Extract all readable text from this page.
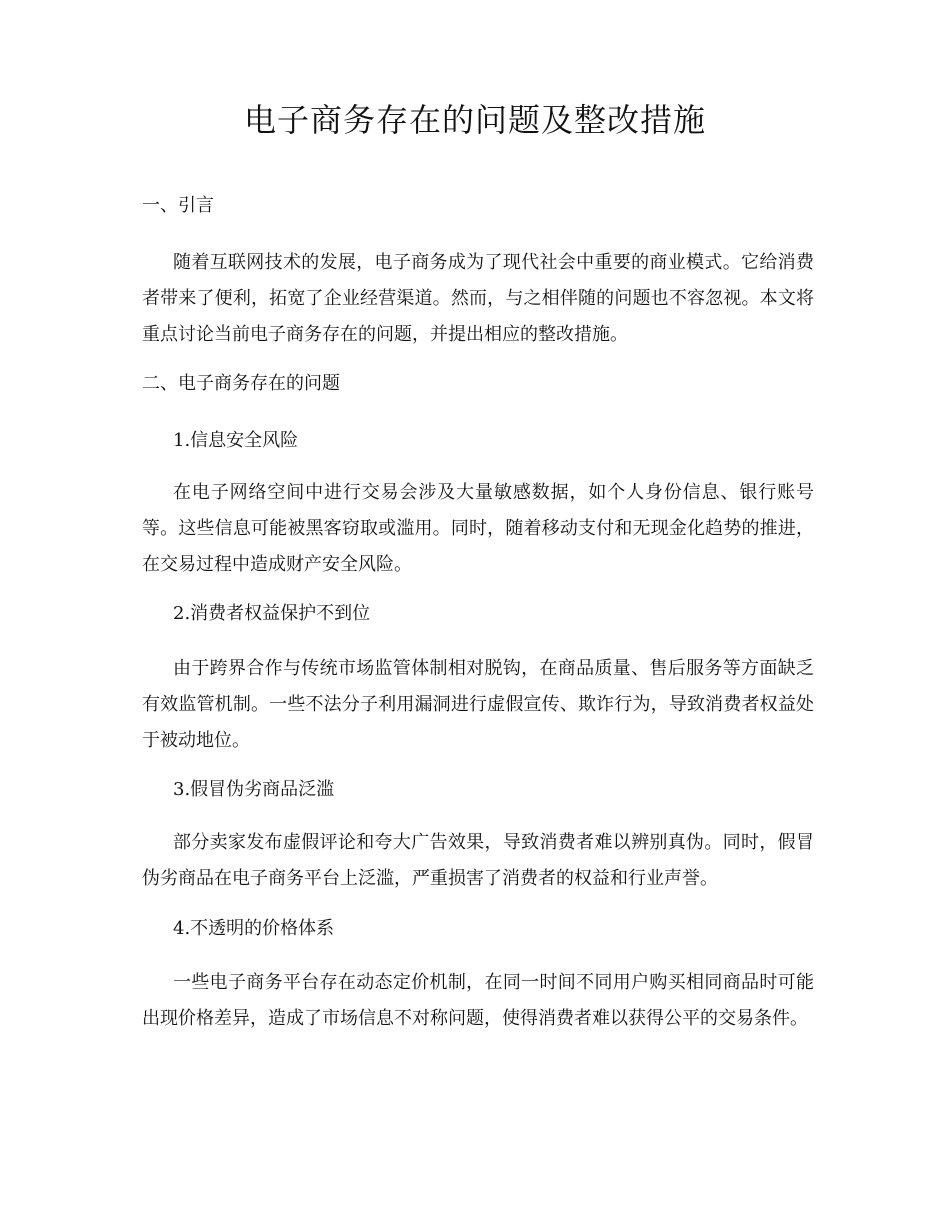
电子商务存在的问题及整改措施
一、引言

随着互联网技术的发展，电子商务成为了现代社会中重要的商业模式。它给消费者带来了便利，拓宽了企业经营渠道。然而，与之相伴随的问题也不容忽视。本文将重点讨论当前电子商务存在的问题，并提出相应的整改措施。

二、电子商务存在的问题
1.信息安全风险

在电子网络空间中进行交易会涉及大量敏感数据，如个人身份信息、银行账号等。这些信息可能被黑客窃取或滥用。同时，随着移动支付和无现金化趋势的推进，在交易过程中造成财产安全风险。

2.消费者权益保护不到位

由于跨界合作与传统市场监管体制相对脱钩，在商品质量、售后服务等方面缺乏有效监管机制。一些不法分子利用漏洞进行虚假宣传、欺诈行为，导致消费者权益处于被动地位。

3.假冒伪劣商品泛滥

部分卖家发布虚假评论和夸大广告效果，导致消费者难以辨别真伪。同时，假冒伪劣商品在电子商务平台上泛滥，严重损害了消费者的权益和行业声誉。

4.不透明的价格体系

一些电子商务平台存在动态定价机制，在同一时间不同用户购买相同商品时可能出现价格差异，造成了市场信息不对称问题，使得消费者难以获得公平的交易条件。
